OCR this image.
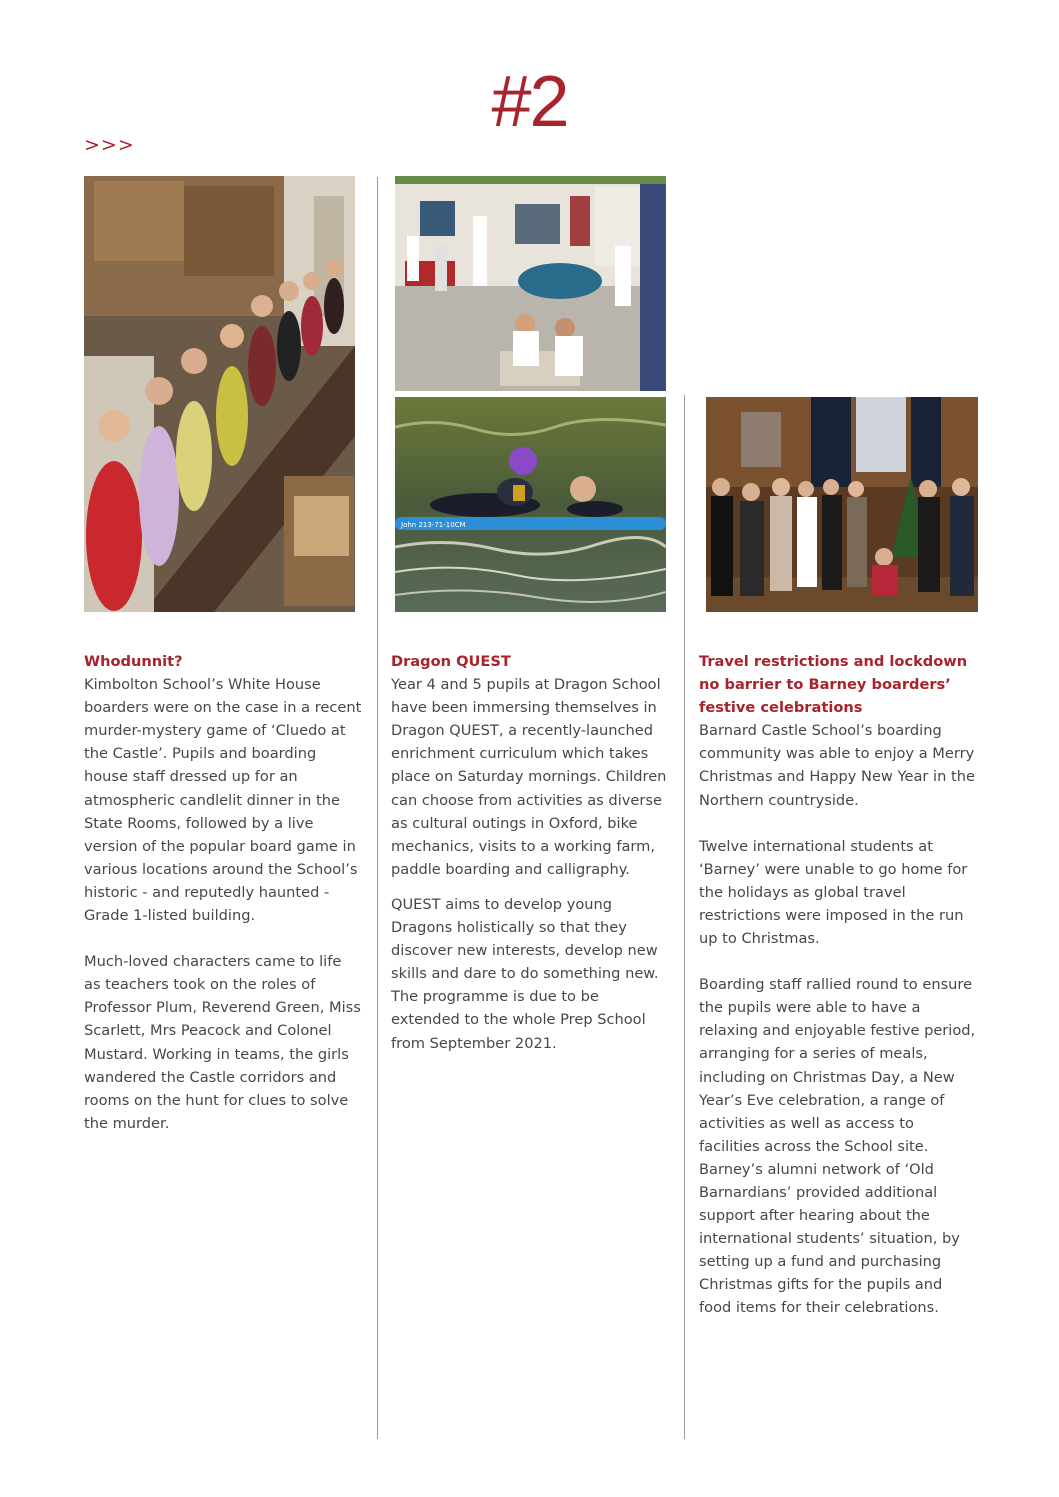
#2
>>>
John 213-71-10CM
Whodunnit?

Kimbolton School’s White House boarders were on the case in a recent murder-mystery game of ‘Cluedo at the Castle’. Pupils and boarding house staff dressed up for an atmospheric candlelit dinner in the State Rooms, followed by a live version of the popular board game in various locations around the School’s historic - and reputedly haunted - Grade 1-listed building.

Much-loved characters came to life as teachers took on the roles of Professor Plum, Reverend Green, Miss Scarlett, Mrs Peacock and Colonel Mustard. Working in teams, the girls wandered the Castle corridors and rooms on the hunt for clues to solve the murder.

Dragon QUEST

Year 4 and 5 pupils at Dragon School have been immersing themselves in Dragon QUEST, a recently-launched enrichment curriculum which takes place on Saturday mornings. Children can choose from activities as diverse as cultural outings in Oxford, bike mechanics, visits to a working farm, paddle boarding and calligraphy.

QUEST aims to develop young Dragons holistically so that they discover new interests, develop new skills and dare to do something new. The programme is due to be extended to the whole Prep School from September 2021.

Travel restrictions and lockdown no barrier to Barney boarders’ festive celebrations

Barnard Castle School’s boarding community was able to enjoy a Merry Christmas and Happy New Year in the Northern countryside.

Twelve international students at ‘Barney’ were unable to go home for the holidays as global travel restrictions were imposed in the run up to Christmas.

Boarding staff rallied round to ensure the pupils were able to have a relaxing and enjoyable festive period, arranging for a series of meals, including on Christmas Day, a New Year’s Eve celebration, a range of activities as well as access to facilities across the School site. Barney’s alumni network of ‘Old Barnardians’ provided additional support after hearing about the international students’ situation, by setting up a fund and purchasing Christmas gifts for the pupils and food items for their celebrations.
